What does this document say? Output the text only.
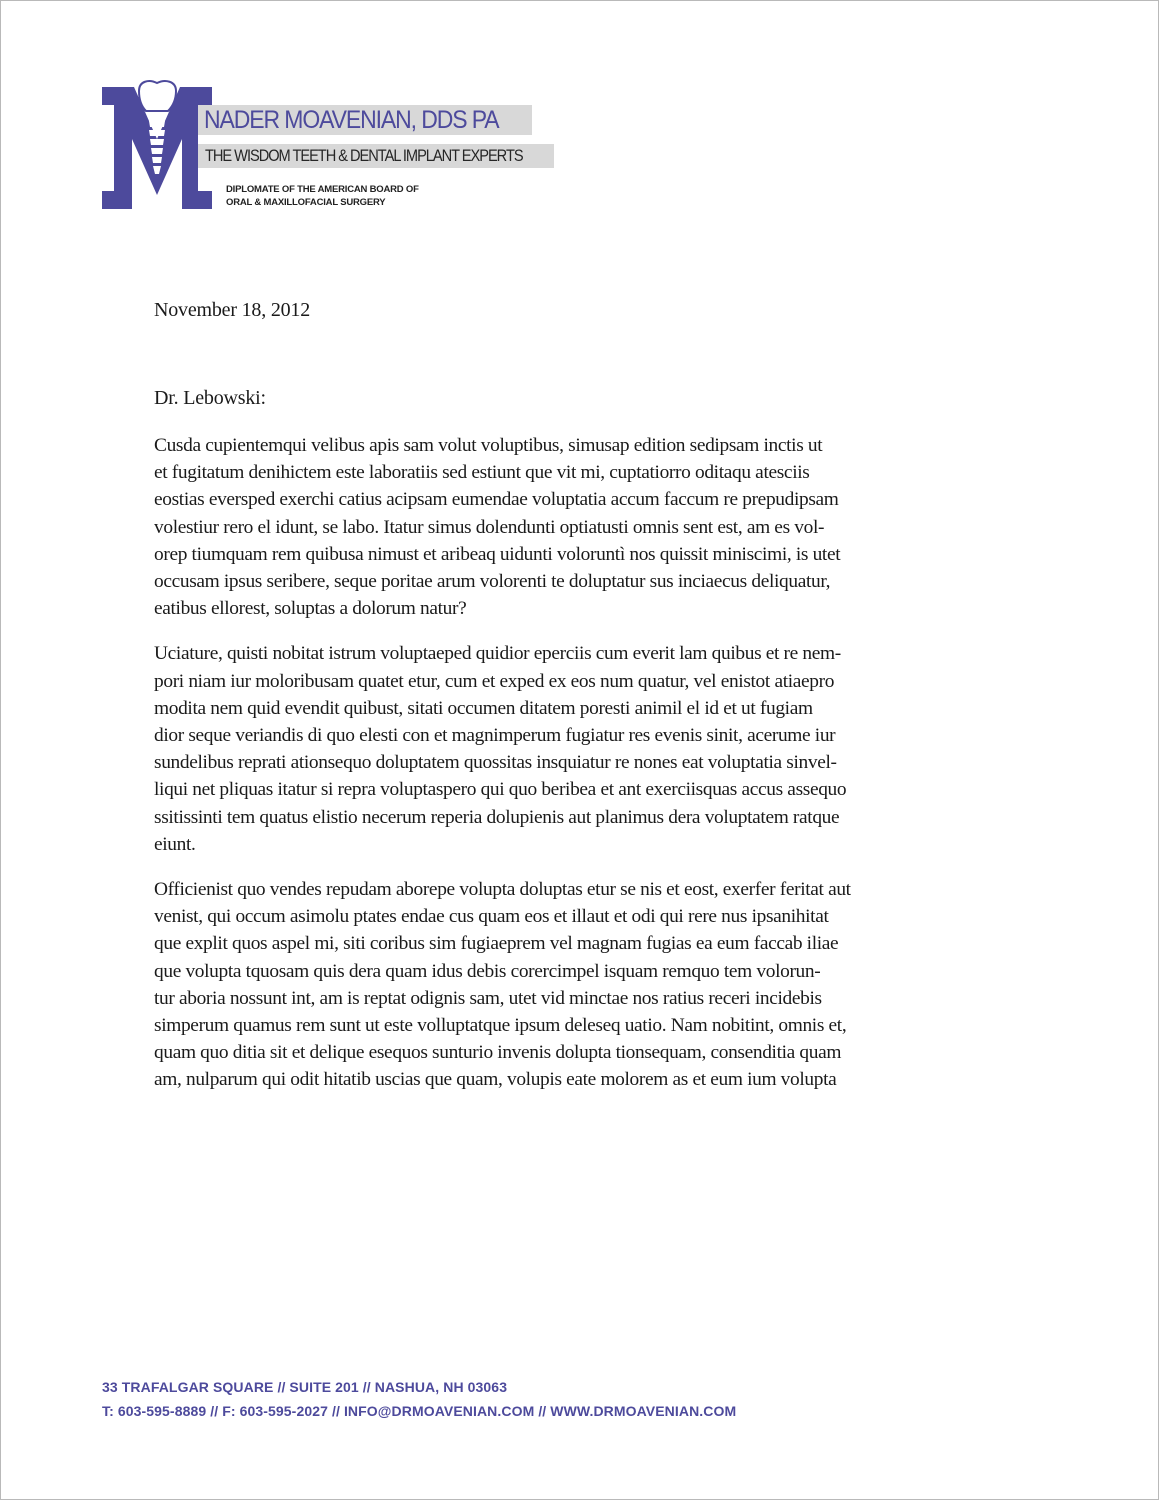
NADER MOAVENIAN, DDS PA
THE WISDOM TEETH & DENTAL IMPLANT EXPERTS
DIPLOMATE OF THE AMERICAN BOARD OF
ORAL & MAXILLOFACIAL SURGERY
November 18, 2012
Dr. Lebowski:
Cusda cupientemqui velibus apis sam volut voluptibus, simusap edition sedipsam inctis ut
et fugitatum denihictem este laboratiis sed estiunt que vit mi, cuptatiorro oditaqu atesciis
eostias eversped exerchi catius acipsam eumendae voluptatia accum faccum re prepudipsam
volestiur rero el idunt, se labo. Itatur simus dolendunti optiatusti omnis sent est, am es vol-
orep tiumquam rem quibusa nimust et aribeaq uidunti voloruntì nos quissit miniscimi, is utet
occusam ipsus seribere, seque poritae arum volorenti te doluptatur sus inciaecus deliquatur,
eatibus ellorest, soluptas a dolorum natur?
Uciature, quisti nobitat istrum voluptaeped quidior eperciis cum everit lam quibus et re nem-
pori niam iur moloribusam quatet etur, cum et exped ex eos num quatur, vel enistot atiaepro
modita nem quid evendit quibust, sitati occumen ditatem poresti animil el id et ut fugiam
dior seque veriandis di quo elesti con et magnimperum fugiatur res evenis sinit, acerume iur
sundelibus reprati ationsequo doluptatem quossitas insquiatur re nones eat voluptatia sinvel-
liqui net pliquas itatur si repra voluptaspero qui quo beribea et ant exerciisquas accus assequo
ssitissinti tem quatus elistio necerum reperia dolupienis aut planimus dera voluptatem ratque
eiunt.
Officienist quo vendes repudam aborepe volupta doluptas etur se nis et eost, exerfer feritat aut
venist, qui occum asimolu ptates endae cus quam eos et illaut et odi qui rere nus ipsanihitat
que explit quos aspel mi, siti coribus sim fugiaeprem vel magnam fugias ea eum faccab iliae
que volupta tquosam quis dera quam idus debis corercimpel isquam remquo tem volorun-
tur aboria nossunt int, am is reptat odignis sam, utet vid minctae nos ratius receri incidebis
simperum quamus rem sunt ut este volluptatque ipsum deleseq uatio. Nam nobitint, omnis et,
quam quo ditia sit et delique esequos sunturio invenis dolupta tionsequam, consenditia quam
am, nulparum qui odit hitatib uscias que quam, volupis eate molorem as et eum ium volupta
33 TRAFALGAR SQUARE // SUITE 201 // NASHUA, NH 03063
T: 603-595-8889 // F: 603-595-2027 // INFO@DRMOAVENIAN.COM // WWW.DRMOAVENIAN.COM
